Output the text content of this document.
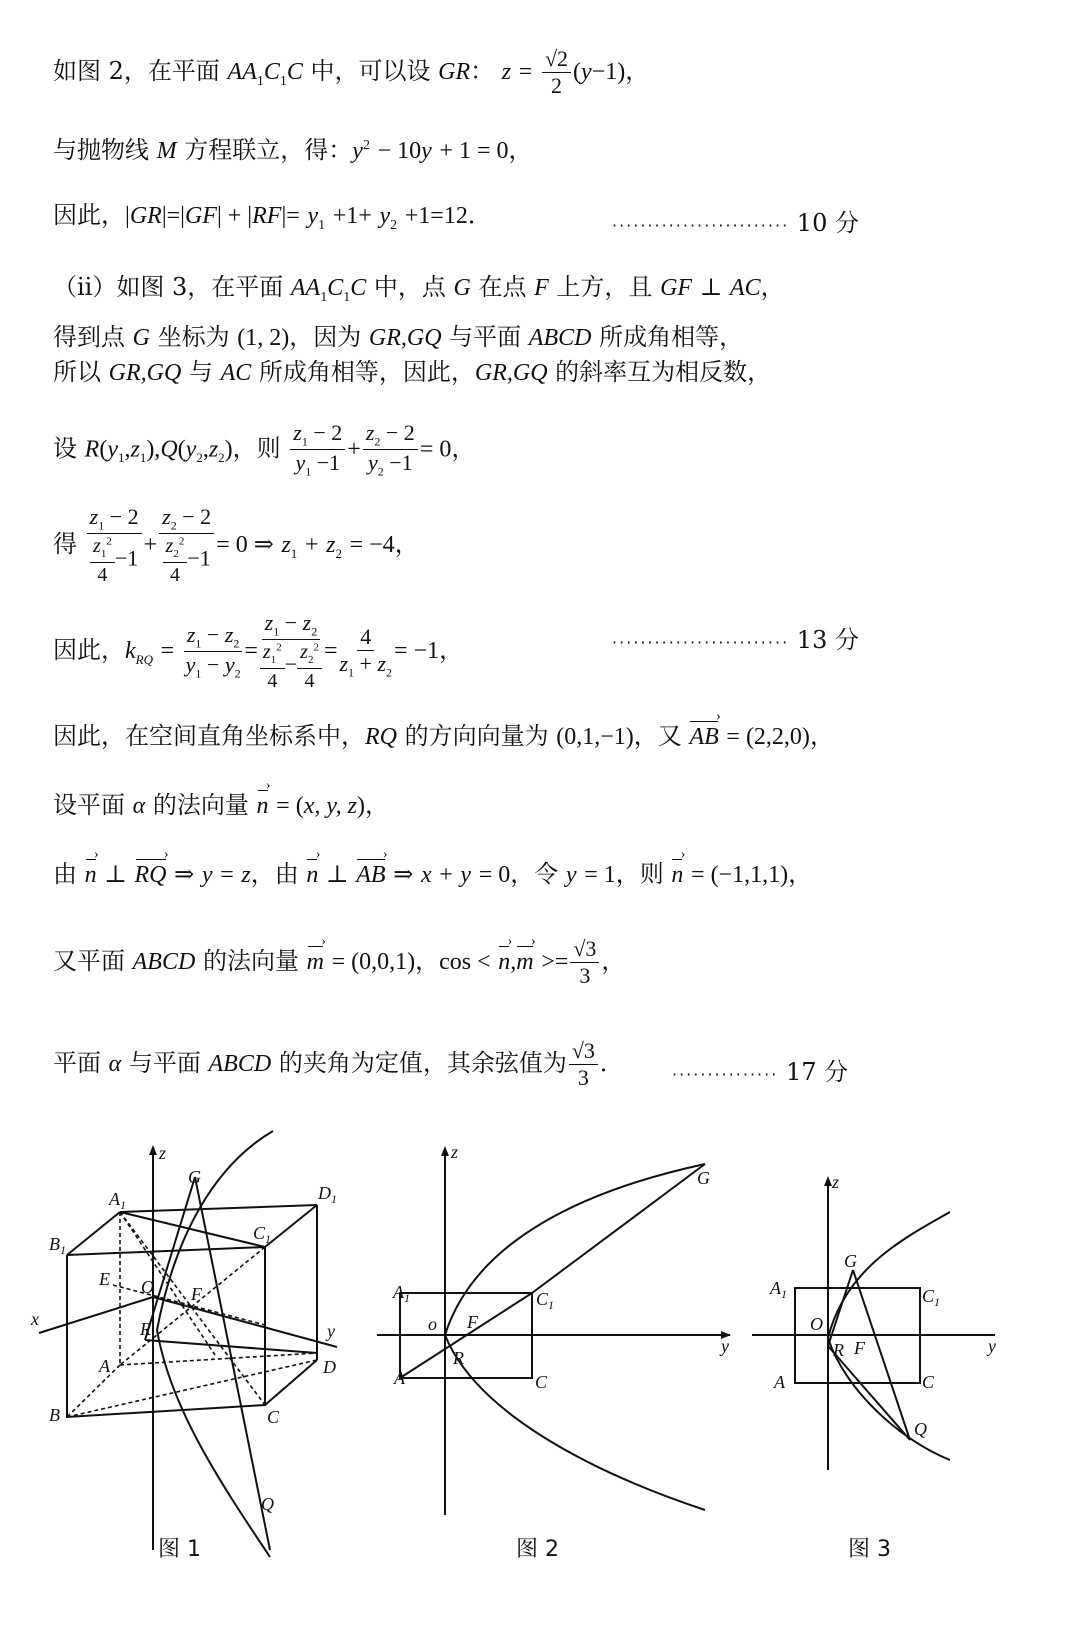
如图 2，在平面 $AA_1C_1C$ 中，可以设 GR： $z = \frac{√2}{2} (y-1)$，
与抛物线 M 方程联立，得：$y^2 - 10y + 1 = 0$，
因此，$|GR|=|GF| + |RF|= y_1 +1+ y_2 +1=12$．	························· 10 分
（ii）如图 3，在平面 $AA_1C_1C$ 中，点 G 在点 F 上方，且 GF ⊥ AC，
得到点 G 坐标为 (1, 2)，因为 GR,GQ 与平面 ABCD 所成角相等，
所以 GR,GQ 与 AC 所成角相等，因此，GR,GQ 的斜率互为相反数，
设 $R(y_1,z_1),Q(y_2,z_2)$，则 $\frac{z_1 - 2}{y_1 -1} + \frac{z_2 - 2}{y_2 -1} = 0$，
得 $\frac{z_1 - 2}{\frac{z_1^2}{4} -1} + \frac{z_2 - 2}{\frac{z_2^2}{4} -1} = 0$ ⇒ $z_1 + z_2 = -4$，
因此，$k_{RQ} = \frac{z_1 - z_2}{y_1 - y_2} = \frac{z_1 - z_2}{\frac{z_1^2}{4} - \frac{z_2^2}{4}} = \frac{4}{z_1 + z_2} = -1$，	························· 13 分
因此，在空间直角坐标系中，RQ 的方向向量为 (0,1,−1)，又 AB › = (2,2,0)，
设平面 α 的法向量 n › = (x, y, z)，
由 n › ⊥ RQ › ⇒ y = z，由 n › ⊥ AB › ⇒ x + y = 0，令 y = 1，则 n › = (−1,1,1)，
又平面 ABCD 的法向量 m › = (0,0,1)，cos < n ›,m › >= $\frac{√3}{3}$ ，
平面 α 与平面 ABCD 的夹角为定值，其余弦值为 $\frac{√3}{3}$ ．	··············· 17 分
z
G
$A_1$
$D_1$
$B_1$
$C_1$
E O F
x	R	y
A	D
B	C
Q
图 1
z
G
$A_1$	$C_1$
o F
y
R
A	C
图 2
z
G
$A_1$	$C_1$
O
y
R F
A	C
Q
图 3
